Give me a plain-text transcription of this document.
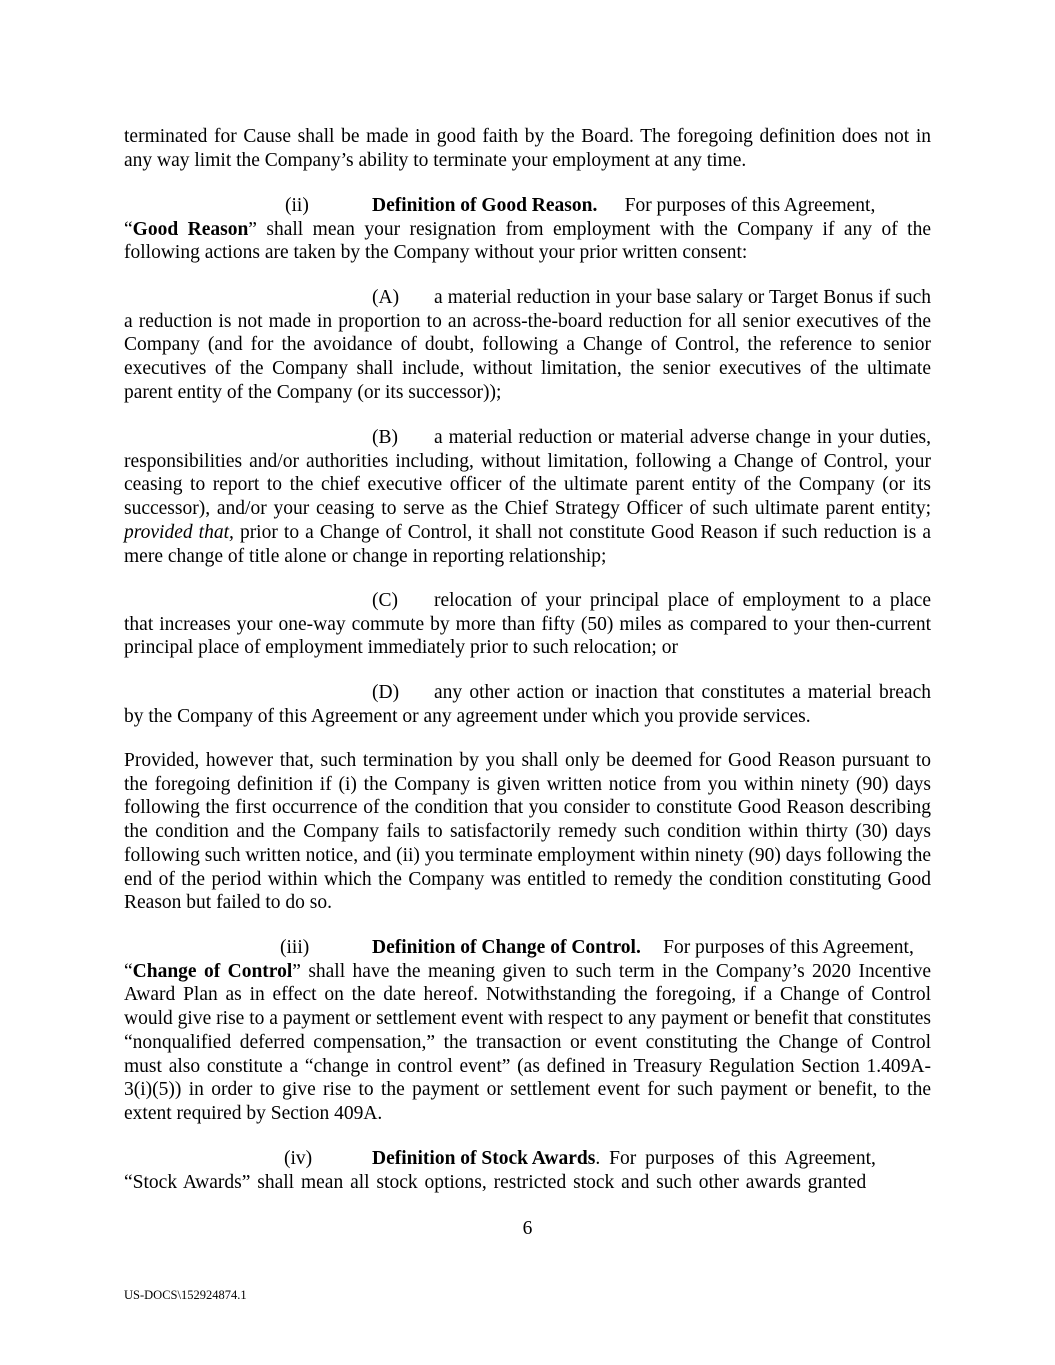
terminated for Cause shall be made in good faith by the Board. The foregoing definition does not in any way limit the Company’s ability to terminate your employment at any time.

(ii)	Definition of Good Reason. For purposes of this Agreement,

“Good Reason” shall mean your resignation from employment with the Company if any of the following actions are taken by the Company without your prior written consent:

(A) a material reduction in your base salary or Target Bonus if such a reduction is not made in proportion to an across-the-board reduction for all senior executives of the Company (and for the avoidance of doubt, following a Change of Control, the reference to senior executives of the Company shall include, without limitation, the senior executives of the ultimate parent entity of the Company (or its successor));

(B) a material reduction or material adverse change in your duties, responsibilities and/or authorities including, without limitation, following a Change of Control, your ceasing to report to the chief executive officer of the ultimate parent entity of the Company (or its successor), and/or your ceasing to serve as the Chief Strategy Officer of such ultimate parent entity; provided that, prior to a Change of Control, it shall not constitute Good Reason if such reduction is a mere change of title alone or change in reporting relationship;

(C) relocation of your principal place of employment to a place that increases your one-way commute by more than fifty (50) miles as compared to your then-current principal place of employment immediately prior to such relocation; or

(D) any other action or inaction that constitutes a material breach by the Company of this Agreement or any agreement under which you provide services.

Provided, however that, such termination by you shall only be deemed for Good Reason pursuant to the foregoing definition if (i) the Company is given written notice from you within ninety (90) days following the first occurrence of the condition that you consider to constitute Good Reason describing the condition and the Company fails to satisfactorily remedy such condition within thirty (30) days following such written notice, and (ii) you terminate employment within ninety (90) days following the end of the period within which the Company was entitled to remedy the condition constituting Good Reason but failed to do so.

(iii)	Definition of Change of Control. For purposes of this Agreement,

“Change of Control” shall have the meaning given to such term in the Company’s 2020 Incentive Award Plan as in effect on the date hereof. Notwithstanding the foregoing, if a Change of Control would give rise to a payment or settlement event with respect to any payment or benefit that constitutes “nonqualified deferred compensation,” the transaction or event constituting the Change of Control must also constitute a “change in control event” (as defined in Treasury Regulation Section 1.409A-3(i)(5)) in order to give rise to the payment or settlement event for such payment or benefit, to the extent required by Section 409A.

(iv)	Definition of Stock Awards. For purposes of this Agreement,

“Stock Awards” shall mean all stock options, restricted stock and such other awards granted

6
US-DOCS\152924874.1
